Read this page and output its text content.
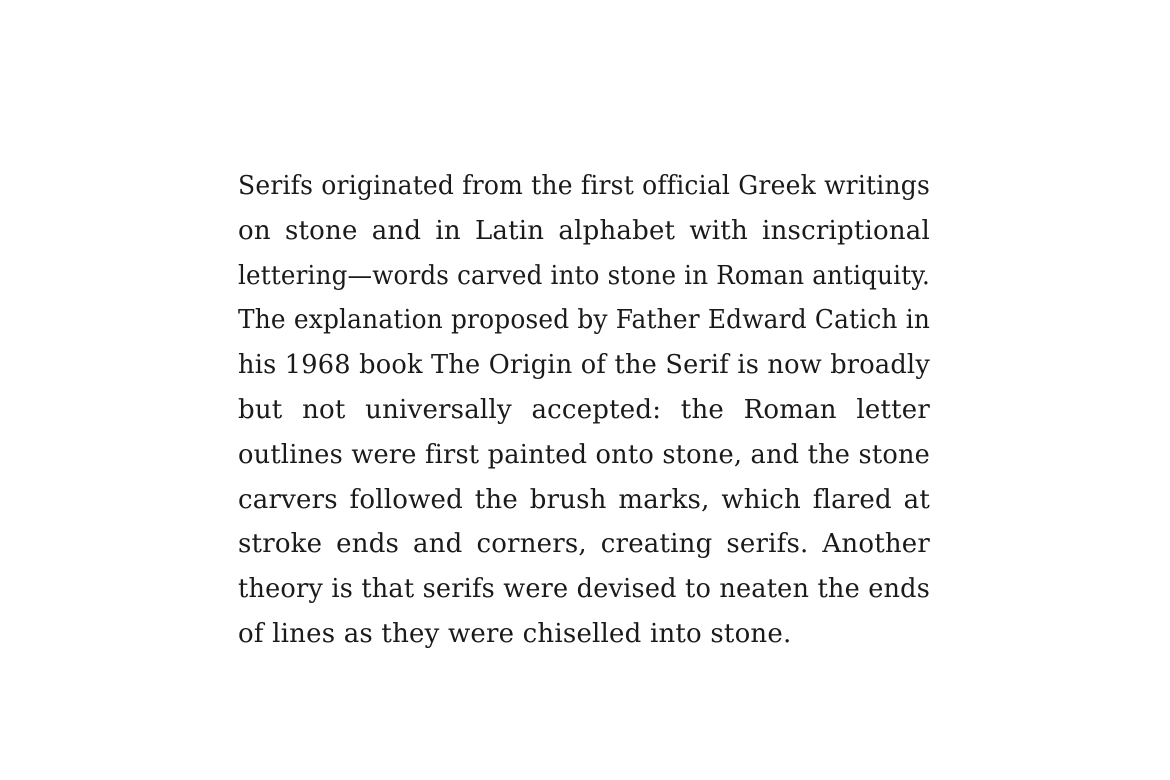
Serifs originated from the first official Greek writings
on stone and in Latin alphabet with inscriptional
lettering—words carved into stone in Roman antiquity.
The explanation proposed by Father Edward Catich in
his 1968 book The Origin of the Serif is now broadly
but not universally accepted: the Roman letter
outlines were first painted onto stone, and the stone
carvers followed the brush marks, which flared at
stroke ends and corners, creating serifs. Another
theory is that serifs were devised to neaten the ends
of lines as they were chiselled into stone.
